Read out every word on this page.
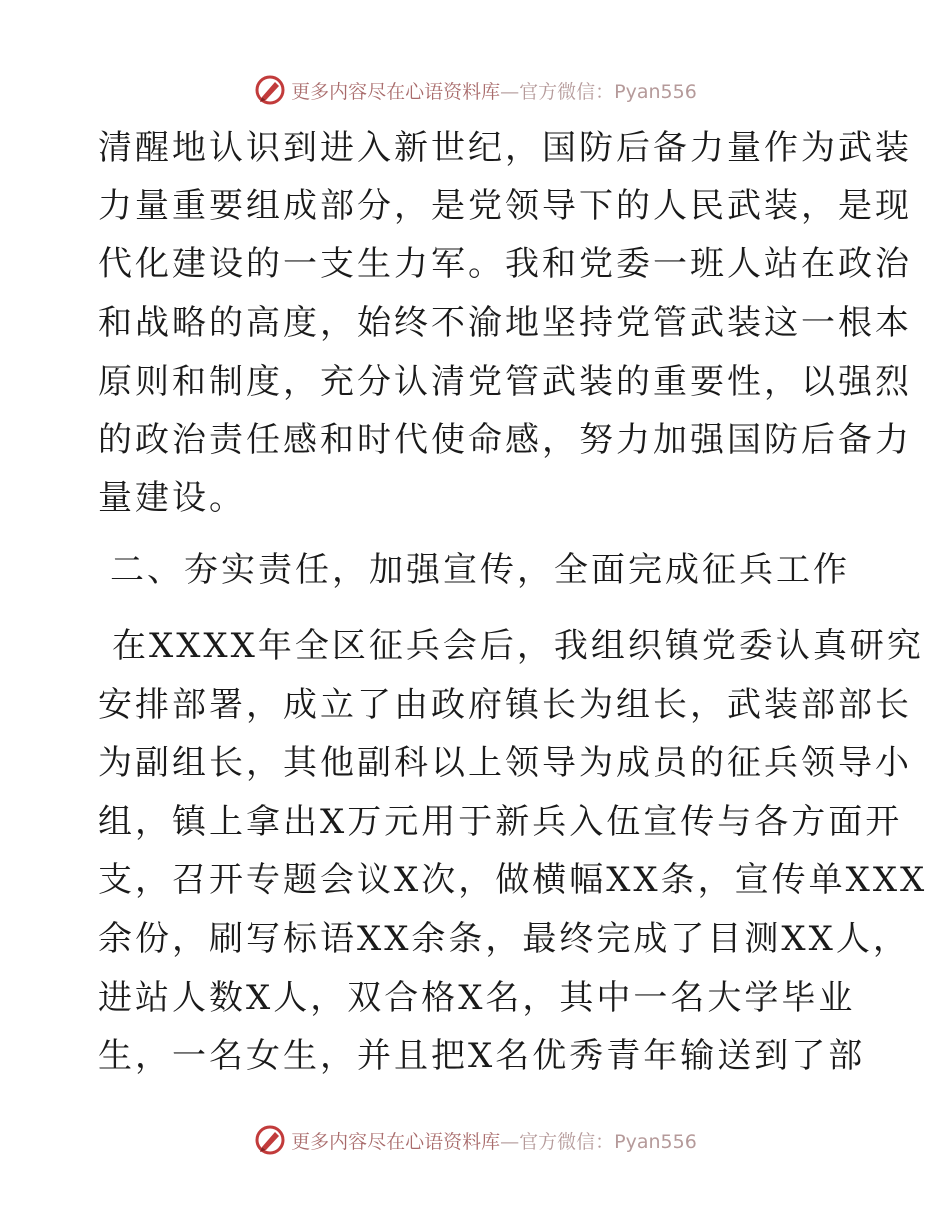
更多内容尽在心语资料库—官方微信：Pyan556
清醒地认识到进入新世纪，国防后备力量作为武装
力量重要组成部分，是党领导下的人民武装，是现
代化建设的一支生力军。我和党委一班人站在政治
和战略的高度，始终不渝地坚持党管武装这一根本
原则和制度，充分认清党管武装的重要性，以强烈
的政治责任感和时代使命感，努力加强国防后备力
量建设。
二、夯实责任，加强宣传，全面完成征兵工作
在XXXX年全区征兵会后，我组织镇党委认真研究
安排部署，成立了由政府镇长为组长，武装部部长
为副组长，其他副科以上领导为成员的征兵领导小
组，镇上拿出X万元用于新兵入伍宣传与各方面开
支，召开专题会议X次，做横幅XX条，宣传单XXX
余份，刷写标语XX余条，最终完成了目测XX人，
进站人数X人，双合格X名，其中一名大学毕业
生，一名女生，并且把X名优秀青年输送到了部
更多内容尽在心语资料库—官方微信：Pyan556
